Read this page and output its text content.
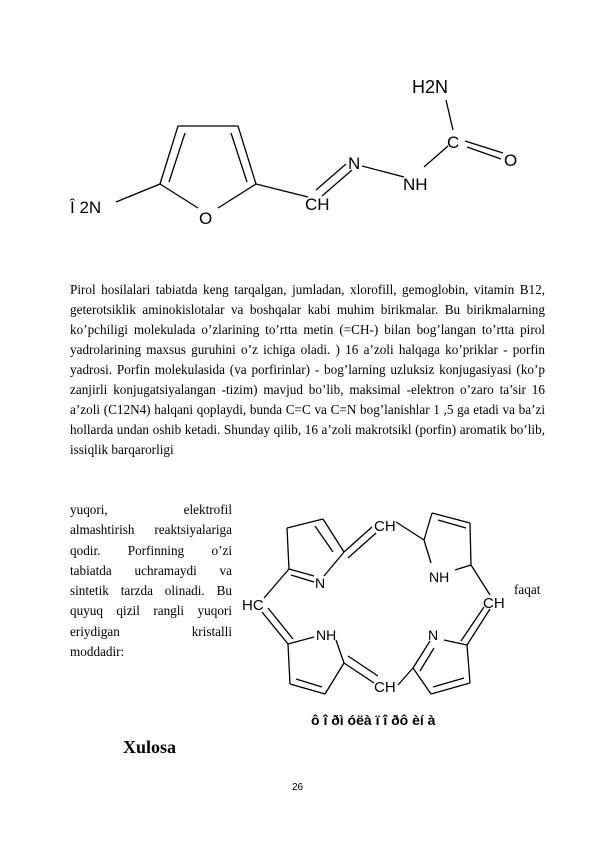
H2N
C
O
N
NH
CH
O
Î 2N
CH
N	NH
HC	CH
NH	N
CH
ô î ðì óëà ï î ðô èí à

Pirol hosilalari tabiatda keng tarqalgan, jumladan, xlorofill, gemoglobin, vitamin B12, geterotsiklik aminokislotalar va boshqalar kabi muhim birikmalar. Bu birikmalarning ko’pchiligi molekulada o’zlarining to’rtta metin (=CH-) bilan bog’langan to’rtta pirol yadrolarining maxsus guruhini o’z ichiga oladi. ) 16 a’zoli halqaga ko’priklar - porfin yadrosi. Porfin molekulasida (va porfirinlar) - bog’larning uzluksiz konjugasiyasi (ko’p zanjirli konjugatsiyalangan -tizim) mavjud bo’lib, maksimal -elektron o’zaro ta’sir 16 a’zoli (C12N4) halqani qoplaydi, bunda C=C va C=N bog’lanishlar 1 ,5 ga etadi va ba’zi hollarda undan oshib ketadi. Shunday qilib, 16 a’zoli makrotsikl (porfin) aromatik bo’lib, issiqlik barqarorligi

yuqori, elektrofil
almashtirish reaktsiyalariga
qodir. Porfinning o’zi
tabiatda uchramaydi va
sintetik tarzda olinadi. Bu
quyuq qizil rangli yuqori
eriydigan kristalli
moddadir:
faqat
Xulosa
26
